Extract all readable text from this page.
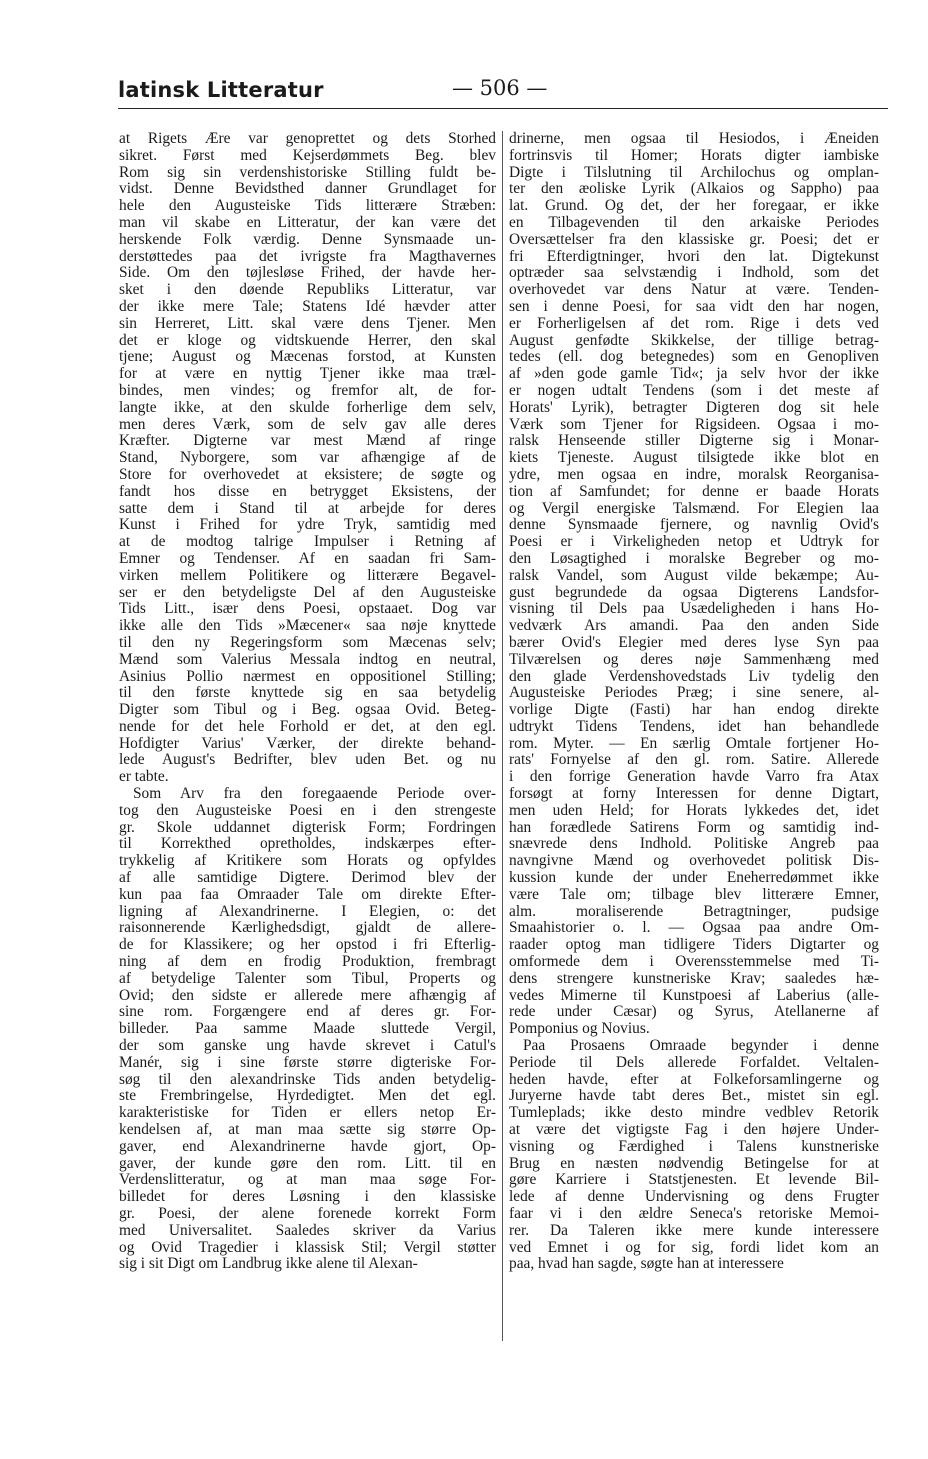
latinsk Litteratur	— 506 —
at Rigets Ære var genoprettet og dets Storhed
sikret. Først med Kejserdømmets Beg. blev
Rom sig sin verdenshistoriske Stilling fuldt be-
vidst. Denne Bevidsthed danner Grundlaget for
hele den Augusteiske Tids litterære Stræben:
man vil skabe en Litteratur, der kan være det
herskende Folk værdig. Denne Synsmaade un-
derstøttedes paa det ivrigste fra Magthavernes
Side. Om den tøjlesløse Frihed, der havde her-
sket i den døende Republiks Litteratur, var
der ikke mere Tale; Statens Idé hævder atter
sin Herreret, Litt. skal være dens Tjener. Men
det er kloge og vidtskuende Herrer, den skal
tjene; August og Mæcenas forstod, at Kunsten
for at være en nyttig Tjener ikke maa træl-
bindes, men vindes; og fremfor alt, de for-
langte ikke, at den skulde forherlige dem selv,
men deres Værk, som de selv gav alle deres
Kræfter. Digterne var mest Mænd af ringe
Stand, Nyborgere, som var afhængige af de
Store for overhovedet at eksistere; de søgte og
fandt hos disse en betrygget Eksistens, der
satte dem i Stand til at arbejde for deres
Kunst i Frihed for ydre Tryk, samtidig med
at de modtog talrige Impulser i Retning af
Emner og Tendenser. Af en saadan fri Sam-
virken mellem Politikere og litterære Begavel-
ser er den betydeligste Del af den Augusteiske
Tids Litt., især dens Poesi, opstaaet. Dog var
ikke alle den Tids »Mæcener« saa nøje knyttede
til den ny Regeringsform som Mæcenas selv;
Mænd som Valerius Messala indtog en neutral,
Asinius Pollio nærmest en oppositionel Stilling;
til den første knyttede sig en saa betydelig
Digter som Tibul og i Beg. ogsaa Ovid. Beteg-
nende for det hele Forhold er det, at den egl.
Hofdigter Varius' Værker, der direkte behand-
lede August's Bedrifter, blev uden Bet. og nu
er tabte.
Som Arv fra den foregaaende Periode over-
tog den Augusteiske Poesi en i den strengeste
gr. Skole uddannet digterisk Form; Fordringen
til Korrekthed opretholdes, indskærpes efter-
trykkelig af Kritikere som Horats og opfyldes
af alle samtidige Digtere. Derimod blev der
kun paa faa Omraader Tale om direkte Efter-
ligning af Alexandrinerne. I Elegien, o: det
raisonnerende Kærlighedsdigt, gjaldt de allere-
de for Klassikere; og her opstod i fri Efterlig-
ning af dem en frodig Produktion, frembragt
af betydelige Talenter som Tibul, Properts og
Ovid; den sidste er allerede mere afhængig af
sine rom. Forgængere end af deres gr. For-
billeder. Paa samme Maade sluttede Vergil,
der som ganske ung havde skrevet i Catul's
Manér, sig i sine første større digteriske For-
søg til den alexandrinske Tids anden betydelig-
ste Frembringelse, Hyrdedigtet. Men det egl.
karakteristiske for Tiden er ellers netop Er-
kendelsen af, at man maa sætte sig større Op-
gaver, end Alexandrinerne havde gjort, Op-
gaver, der kunde gøre den rom. Litt. til en
Verdenslitteratur, og at man maa søge For-
billedet for deres Løsning i den klassiske
gr. Poesi, der alene forenede korrekt Form
med Universalitet. Saaledes skriver da Varius
og Ovid Tragedier i klassisk Stil; Vergil støtter
sig i sit Digt om Landbrug ikke alene til Alexan-
drinerne, men ogsaa til Hesiodos, i Æneiden
fortrinsvis til Homer; Horats digter iambiske
Digte i Tilslutning til Archilochus og omplan-
ter den æoliske Lyrik (Alkaios og Sappho) paa
lat. Grund. Og det, der her foregaar, er ikke
en Tilbagevenden til den arkaiske Periodes
Oversættelser fra den klassiske gr. Poesi; det er
fri Efterdigtninger, hvori den lat. Digtekunst
optræder saa selvstændig i Indhold, som det
overhovedet var dens Natur at være. Tenden-
sen i denne Poesi, for saa vidt den har nogen,
er Forherligelsen af det rom. Rige i dets ved
August genfødte Skikkelse, der tillige betrag-
tedes (ell. dog betegnedes) som en Genopliven
af »den gode gamle Tid«; ja selv hvor der ikke
er nogen udtalt Tendens (som i det meste af
Horats' Lyrik), betragter Digteren dog sit hele
Værk som Tjener for Rigsideen. Ogsaa i mo-
ralsk Henseende stiller Digterne sig i Monar-
kiets Tjeneste. August tilsigtede ikke blot en
ydre, men ogsaa en indre, moralsk Reorganisa-
tion af Samfundet; for denne er baade Horats
og Vergil energiske Talsmænd. For Elegien laa
denne Synsmaade fjernere, og navnlig Ovid's
Poesi er i Virkeligheden netop et Udtryk for
den Løsagtighed i moralske Begreber og mo-
ralsk Vandel, som August vilde bekæmpe; Au-
gust begrundede da ogsaa Digterens Landsfor-
visning til Dels paa Usædeligheden i hans Ho-
vedværk Ars amandi. Paa den anden Side
bærer Ovid's Elegier med deres lyse Syn paa
Tilværelsen og deres nøje Sammenhæng med
den glade Verdenshovedstads Liv tydelig den
Augusteiske Periodes Præg; i sine senere, al-
vorlige Digte (Fasti) har han endog direkte
udtrykt Tidens Tendens, idet han behandlede
rom. Myter. — En særlig Omtale fortjener Ho-
rats' Fornyelse af den gl. rom. Satire. Allerede
i den forrige Generation havde Varro fra Atax
forsøgt at forny Interessen for denne Digtart,
men uden Held; for Horats lykkedes det, idet
han forædlede Satirens Form og samtidig ind-
snævrede dens Indhold. Politiske Angreb paa
navngivne Mænd og overhovedet politisk Dis-
kussion kunde der under Eneherredømmet ikke
være Tale om; tilbage blev litterære Emner,
alm. moraliserende Betragtninger, pudsige
Smaahistorier o. l. — Ogsaa paa andre Om-
raader optog man tidligere Tiders Digtarter og
omformede dem i Overensstemmelse med Ti-
dens strengere kunstneriske Krav; saaledes hæ-
vedes Mimerne til Kunstpoesi af Laberius (alle-
rede under Cæsar) og Syrus, Atellanerne af
Pomponius og Novius.
Paa Prosaens Omraade begynder i denne
Periode til Dels allerede Forfaldet. Veltalen-
heden havde, efter at Folkeforsamlingerne og
Juryerne havde tabt deres Bet., mistet sin egl.
Tumleplads; ikke desto mindre vedblev Retorik
at være det vigtigste Fag i den højere Under-
visning og Færdighed i Talens kunstneriske
Brug en næsten nødvendig Betingelse for at
gøre Karriere i Statstjenesten. Et levende Bil-
lede af denne Undervisning og dens Frugter
faar vi i den ældre Seneca's retoriske Memoi-
rer. Da Taleren ikke mere kunde interessere
ved Emnet i og for sig, fordi lidet kom an
paa, hvad han sagde, søgte han at interessere
